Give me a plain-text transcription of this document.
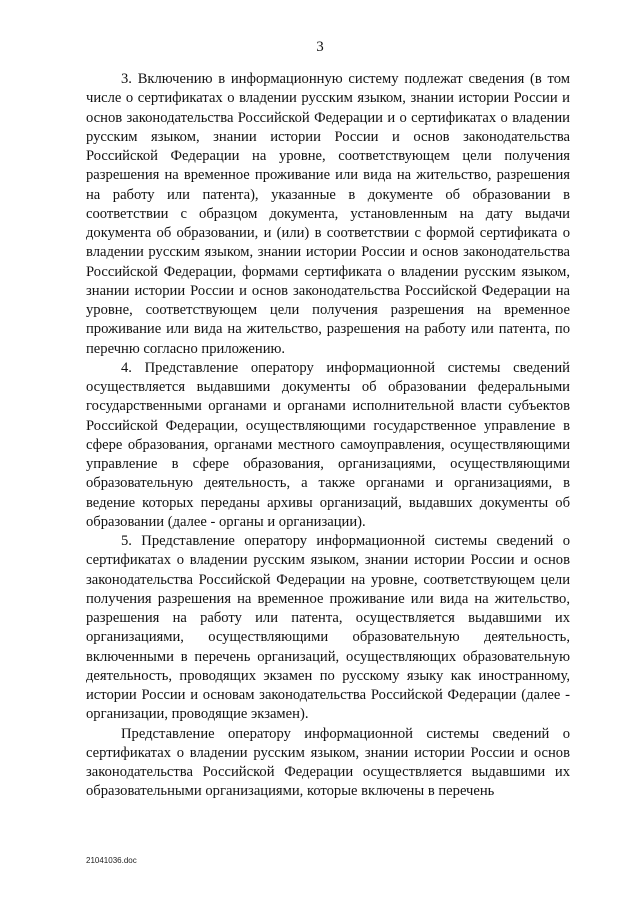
3

3. Включению в информационную систему подлежат сведения (в том числе о сертификатах о владении русским языком, знании истории России и основ законодательства Российской Федерации и о сертификатах о владении русским языком, знании истории России и основ законодательства Российской Федерации на уровне, соответствующем цели получения разрешения на временное проживание или вида на жительство, разрешения на работу или патента), указанные в документе об образовании в соответствии с образцом документа, установленным на дату выдачи документа об образовании, и (или) в соответствии с формой сертификата о владении русским языком, знании истории России и основ законодательства Российской Федерации, формами сертификата о владении русским языком, знании истории России и основ законодательства Российской Федерации на уровне, соответствующем цели получения разрешения на временное проживание или вида на жительство, разрешения на работу или патента, по перечню согласно приложению.

4. Представление оператору информационной системы сведений осуществляется выдавшими документы об образовании федеральными государственными органами и органами исполнительной власти субъектов Российской Федерации, осуществляющими государственное управление в сфере образования, органами местного самоуправления, осуществляющими управление в сфере образования, организациями, осуществляющими образовательную деятельность, а также органами и организациями, в ведение которых переданы архивы организаций, выдавших документы об образовании (далее - органы и организации).

5. Представление оператору информационной системы сведений о сертификатах о владении русским языком, знании истории России и основ законодательства Российской Федерации на уровне, соответствующем цели получения разрешения на временное проживание или вида на жительство, разрешения на работу или патента, осуществляется выдавшими их организациями, осуществляющими образовательную деятельность, включенными в перечень организаций, осуществляющих образовательную деятельность, проводящих экзамен по русскому языку как иностранному, истории России и основам законодательства Российской Федерации (далее - организации, проводящие экзамен).

Представление оператору информационной системы сведений о сертификатах о владении русским языком, знании истории России и основ законодательства Российской Федерации осуществляется выдавшими их образовательными организациями, которые включены в перечень

21041036.doc
